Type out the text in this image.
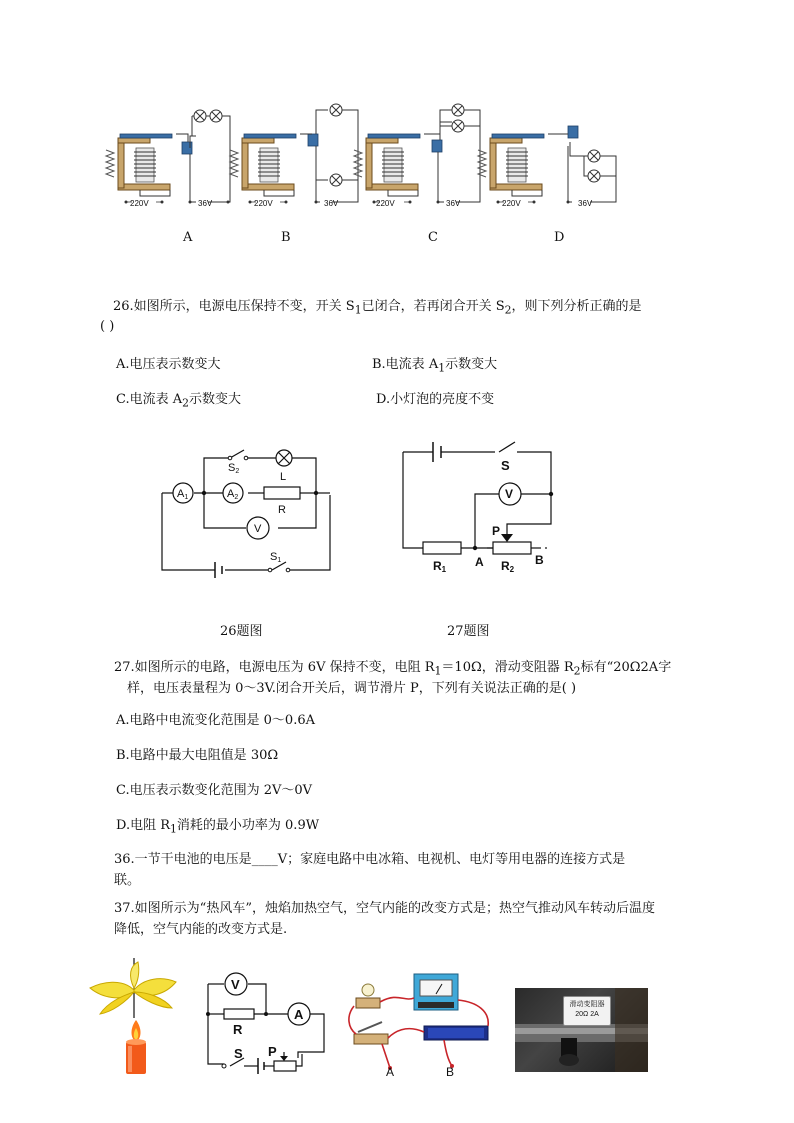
220V	36V	220V	36V	220V	36V	220V	36V
A	B	C	D
26.如图所示，电源电压保持不变，开关 $S_1$已闭合，若再闭合开关 $S_2$，则下列分析正确的是
( )
A.电压表示数变大	B.电流表 $A_1$示数变大
C.电流表 $A_2$示数变大	D.小灯泡的亮度不变
A1	A2
R
L
V
S2
S1
V
S
P
R1
A R2
B
26题图	27题图
27.如图所示的电路，电源电压为 6V 保持不变，电阻 $R_1=10\Omega$，滑动变阻器 $R_2$标有“20Ω2A字
样，电压表量程为 0～3V.闭合开关后，调节滑片 P，下列有关说法正确的是( )
A.电路中电流变化范围是 0～0.6A
B.电路中最大电阻值是 30Ω
C.电压表示数变化范围为 2V～0V
D.电阻 $R_1$消耗的最小功率为 0.9W
36.一节干电池的电压是____V；家庭电路中电冰箱、电视机、电灯等用电器的连接方式是
联。
37.如图所示为“热风车”，烛焰加热空气，空气内能的改变方式是；热空气推动风车转动后温度
降低，空气内能的改变方式是.
V
R
A
S P
A	B
滑动变阻器
20Ω 2A
